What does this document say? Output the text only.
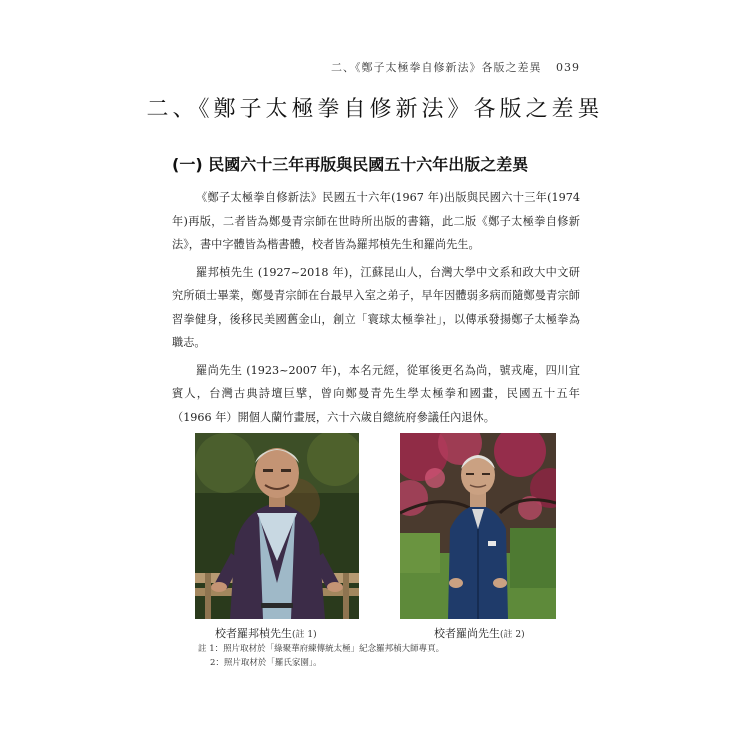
二、《鄭子太極拳自修新法》各版之差異 039
二、《鄭子太極拳自修新法》各版之差異
(一) 民國六十三年再版與民國五十六年出版之差異

《鄭子太極拳自修新法》民國五十六年(1967 年)出版與民國六十三年(1974 年)再版，二者皆為鄭曼青宗師在世時所出版的書籍，此二版《鄭子太極拳自修新法》，書中字體皆為楷書體，校者皆為羅邦楨先生和羅尚先生。

羅邦楨先生 (1927~2018 年)，江蘇昆山人，台灣大學中文系和政大中文研究所碩士畢業，鄭曼青宗師在台最早入室之弟子，早年因體弱多病而隨鄭曼青宗師習拳健身，後移民美國舊金山，創立「寰球太極拳社」，以傳承發揚鄭子太極拳為職志。

羅尚先生 (1923~2007 年)，本名元經，從軍後更名為尚，號戎庵，四川宜賓人，台灣古典詩壇巨擘，曾向鄭曼青先生學太極拳和國畫，民國五十五年（1966 年）開個人蘭竹畫展，六十六歲自總統府參議任內退休。

校者羅邦楨先生(註 1)	校者羅尚先生(註 2)
註 1：照片取材於「綠聚華府練傳統太極」紀念羅邦楨大師專頁。
2：照片取材於「羅氏家園」。
